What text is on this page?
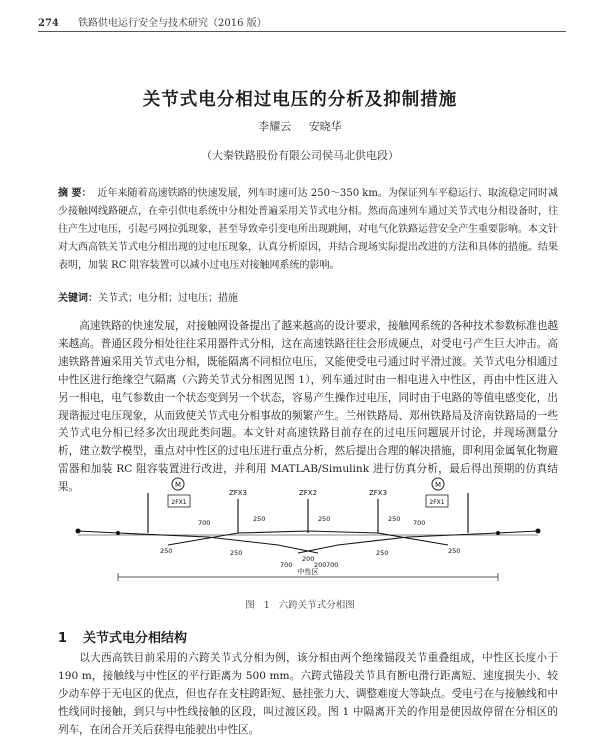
274 铁路供电运行安全与技术研究（2016 版）
关节式电分相过电压的分析及抑制措施
李耀云 安晓华
（大秦铁路股份有限公司侯马北供电段）
摘 要： 近年来随着高速铁路的快速发展，列车时速可达 250～350 km。为保证列车平稳运行、取流稳定同时减少接触网线路硬点，在牵引供电系统中分相处普遍采用关节式电分相。然而高速列车通过关节式电分相设备时，往往产生过电压，引起弓网拉弧现象，甚至导致牵引变电所出现跳闸，对电气化铁路运营安全产生重要影响。本文针对大西高铁关节式电分相出现的过电压现象，认真分析原因，并结合现场实际提出改进的方法和具体的措施。结果表明，加装 RC 阻容装置可以减小过电压对接触网系统的影响。
关键词：关节式；电分相；过电压；措施
高速铁路的快速发展，对接触网设备提出了越来越高的设计要求，接触网系统的各种技术参数标准也越来越高。普通区段分相处往往采用器件式分相，这在高速铁路往往会形成硬点，对受电弓产生巨大冲击。高速铁路普遍采用关节式电分相，既能隔离不同相位电压，又能使受电弓通过时平滑过渡。关节式电分相通过中性区进行绝缘空气隔离（六跨关节式分相图见图 1），列车通过时由一相电进入中性区，再由中性区进入另一相电，电气参数由一个状态变到另一个状态，容易产生操作过电压，同时由于电路的等值电感变化，出现谐振过电压现象，从而致使关节式电分相事故的频繁产生。兰州铁路局、郑州铁路局及济南铁路局的一些关节式电分相已经多次出现此类问题。本文针对高速铁路目前存在的过电压问题展开讨论，并现场测量分析，建立数学模型，重点对中性区的过电压进行重点分析，然后提出合理的解决措施，即利用金属氧化物避雷器和加装 RC 阻容装置进行改进，并利用 MATLAB/Simulink 进行仿真分析，最后得出预期的仿真结果。	M	M
2FX1	2FX1
ZFX3	ZFX2	ZFX3
700	700
250	250	250
250
200
700	200 700
250
250	250
中性区
图 1 六跨关节式分相图
1 关节式电分相结构
以大西高铁目前采用的六跨关节式分相为例，该分相由两个绝缘锚段关节重叠组成，中性区长度小于 190 m，接触线与中性区的平行距离为 500 mm。六跨式锚段关节具有断电滑行距离短、速度损失小、较少动车停于无电区的优点，但也存在支柱跨距短、悬挂张力大、调整难度大等缺点。受电弓在与接触线和中性线同时接触，到只与中性线接触的区段，叫过渡区段。图 1 中隔离开关的作用是使因故停留在分相区的列车，在闭合开关后获得电能驶出中性区。
